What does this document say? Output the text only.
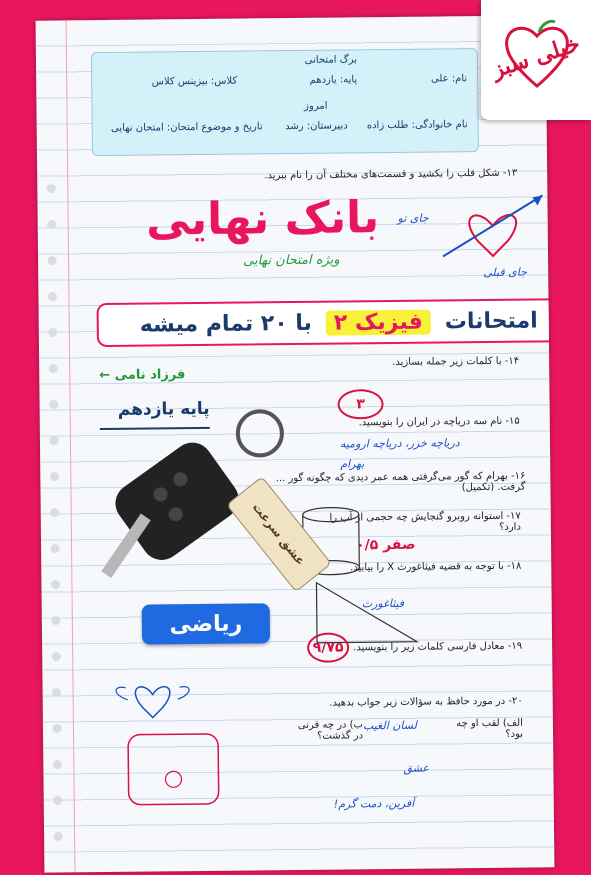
برگ امتحانی
نام: علی
پایه: یازدهم
کلاس: بیزینس کلاس
امروز
نام خانوادگی: طلب زاده
دبیرستان: رشد
تاریخ و موضوع امتحان: امتحان نهایی
۱۳- شکل قلب را بکشید و قسمت‌های مختلف آن را نام ببرید.
بانک نهایی
ویژه امتحان نهایی
جای تو
جای قبلی
امتحانات
فیزیک ۲
با ۲۰ تمام میشه
فرزاد نامی ←
پایه یازدهم
۱۴- با کلمات زیر جمله بسازید.
۳
۱۵- نام سه دریاچه در ایران را بنویسید.
دریاچه خزر، دریاچه ارومیه
بهرام
۱۶- بهرام که گور می‌گرفتی همه عمر دیدی که چگونه گور ... گرفت. (تکمیل)
۱۷- استوانه روبرو گنجایش چه حجمی از آب را دارد؟
۰/۵ صفر
۱۸- با توجه به قضیه فیثاغورث X را بیابید.
فیثاغورث
۹/۷۵ ۱۹- معادل فارسی کلمات زیر را بنویسید.
۲۰- در مورد حافظ به سؤالات زیر جواب بدهید.
الف) لقب او چه بود؟
لسان الغیب
ب) در چه قرنی در گذشت؟
عشق
آفرین، دمت گرم!
عشق سرعت
ریاضی
خیلی سبز
